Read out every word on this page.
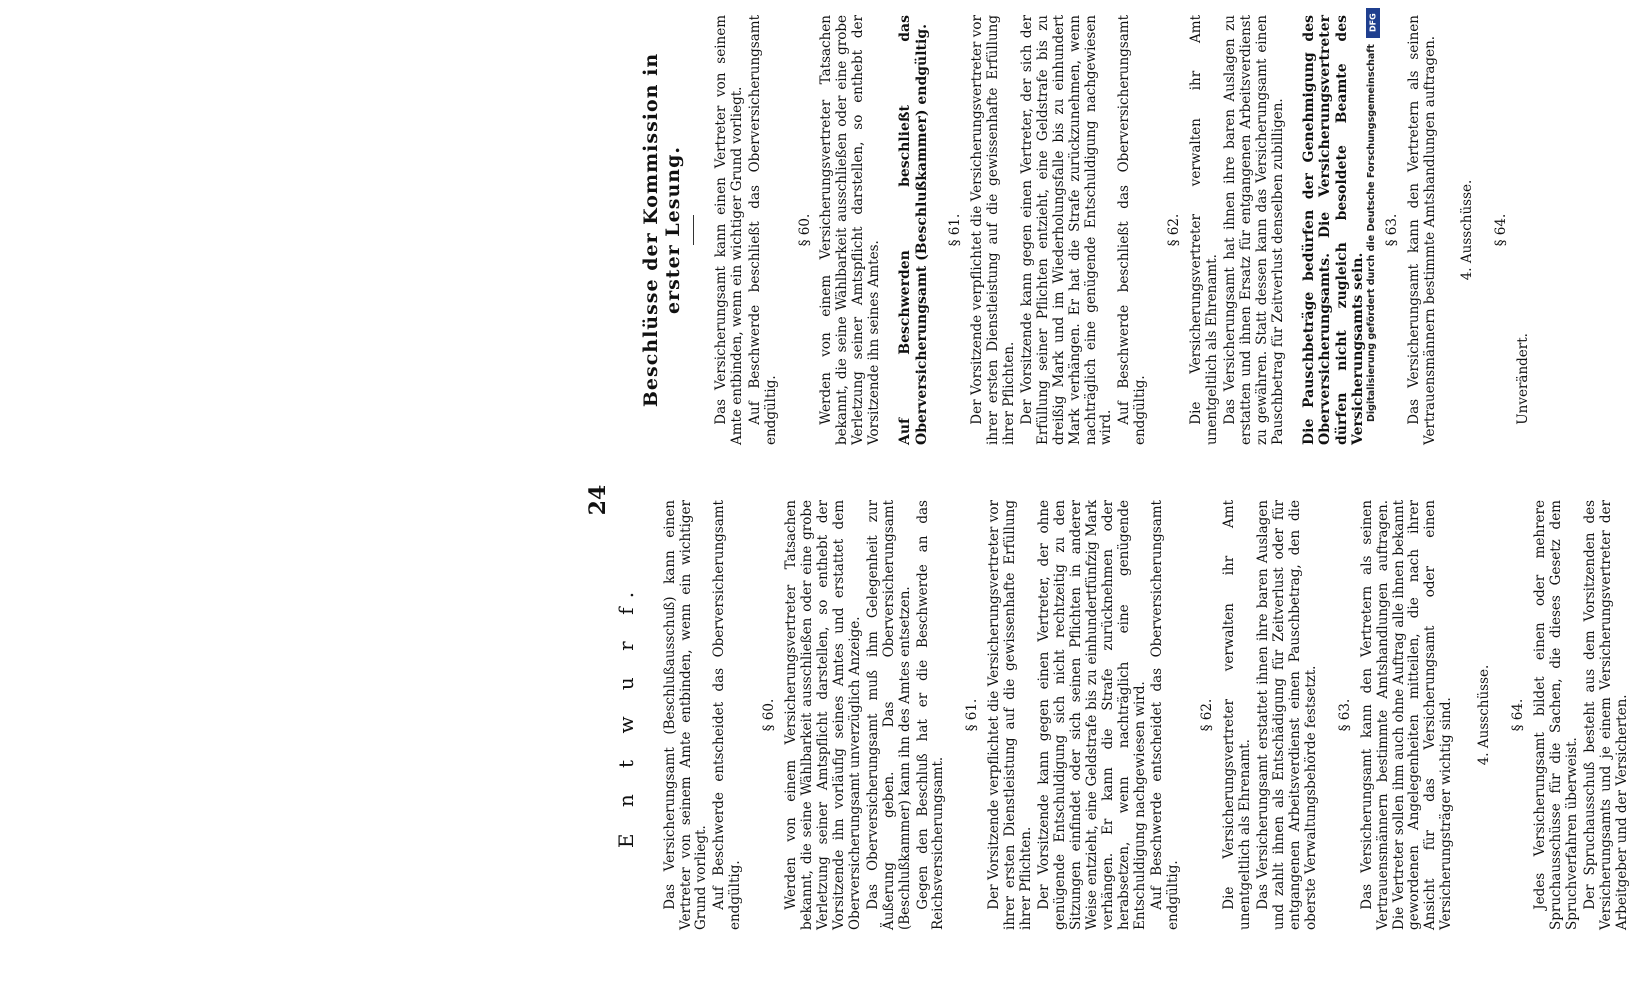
24
E n t w u r f. Das Versicherungsamt (Beschlußausschuß) kann einen Vertreter von seinem Amte entbinden, wenn ein wichtiger Grund vorliegt. Auf Beschwerde entscheidet das Oberversicherungsamt endgültig.
§ 60. Werden von einem Versicherungsvertreter Tatsachen bekannt, die seine Wählbarkeit ausschließen oder eine grobe Verletzung seiner Amtspflicht darstellen, so enthebt der Vorsitzende ihn vorläufig seines Amtes und erstattet dem Oberversicherungsamt unverzüglich Anzeige. Das Oberversicherungsamt muß ihm Gelegenheit zur Äußerung geben. Das Oberversicherungsamt (Beschlußkammer) kann ihn des Amtes entsetzen. Gegen den Beschluß hat er die Beschwerde an das Reichsversicherungsamt.
§ 61. Der Vorsitzende verpflichtet die Versicherungsvertreter vor ihrer ersten Dienstleistung auf die gewissenhafte Erfüllung ihrer Pflichten. Der Vorsitzende kann gegen einen Vertreter, der ohne genügende Entschuldigung sich nicht rechtzeitig zu den Sitzungen einfindet oder sich seinen Pflichten in anderer Weise entzieht, eine Geldstrafe bis zu einhundertfünfzig Mark verhängen. Er kann die Strafe zurücknehmen oder herabsetzen, wenn nachträglich eine genügende Entschuldigung nachgewiesen wird. Auf Beschwerde entscheidet das Oberversicherungsamt endgültig.
§ 62. Die Versicherungsvertreter verwalten ihr Amt unentgeltlich als Ehrenamt. Das Versicherungsamt erstattet ihnen ihre baren Auslagen und zahlt ihnen als Entschädigung für Zeitverlust oder für entgangenen Arbeitsverdienst einen Pauschbetrag, den die oberste Verwaltungsbehörde festsetzt. § 63. Das Versicherungsamt kann den Vertretern als seinen Vertrauensmännern bestimmte Amtshandlungen auftragen. Die Vertreter sollen ihm auch ohne Auftrag alle ihnen bekannt gewordenen Angelegenheiten mitteilen, die nach ihrer Ansicht für das Versicherungsamt oder einen Versicherungsträger wichtig sind. 4. Ausschüsse. § 64. Jedes Versicherungsamt bildet einen oder mehrere Spruchausschüsse für die Sachen, die dieses Gesetz dem Spruchverfahren überweist. Der Spruchausschuß besteht aus dem Vorsitzenden des Versicherungsamts und je einem Versicherungsvertreter der Arbeitgeber und der Versicherten.
Beschlüsse der Kommission in erster Lesung. Das Versicherungsamt kann einen Vertreter von seinem Amte entbinden, wenn ein wichtiger Grund vorliegt. Auf Beschwerde beschließt das Oberversicherungsamt endgültig.
§ 60. Werden von einem Versicherungsvertreter Tatsachen bekannt, die seine Wählbarkeit ausschließen oder eine grobe Verletzung seiner Amtspflicht darstellen, so enthebt der Vorsitzende ihn seines Amtes. Auf Beschwerden beschließt das Oberversicherungsamt (Beschlußkammer) endgültig. § 61. Der Vorsitzende verpflichtet die Versicherungsvertreter vor ihrer ersten Dienstleistung auf die gewissenhafte Erfüllung ihrer Pflichten. Der Vorsitzende kann gegen einen Vertreter, der sich der Erfüllung seiner Pflichten entzieht, eine Geldstrafe bis zu dreißig Mark und im Wiederholungsfalle bis zu einhundert Mark verhängen. Er hat die Strafe zurückzunehmen, wenn nachträglich eine genügende Entschuldigung nachgewiesen wird.
Auf Beschwerde beschließt das Oberversicherungsamt endgültig.
§ 62. Die Versicherungsvertreter verwalten ihr Amt unentgeltlich als Ehrenamt. Das Versicherungsamt hat ihnen ihre baren Auslagen zu erstatten und ihnen Ersatz für entgangenen Arbeitsverdienst zu gewähren. Statt dessen kann das Versicherungsamt einen Pauschbetrag für Zeitverlust denselben zubilligen. Die Pauschbeträge bedürfen der Genehmigung des Oberversicherungsamts. Die Versicherungsvertreter dürfen nicht zugleich besoldete Beamte des Versicherungsamts sein.
§ 63. Das Versicherungsamt kann den Vertretern als seinen Vertrauensmännern bestimmte Amtshandlungen auftragen. 4. Ausschüsse. § 64.
Unverändert.
DFG
Digitalisierung gefördert durch die Deutsche Forschungsgemeinschaft
